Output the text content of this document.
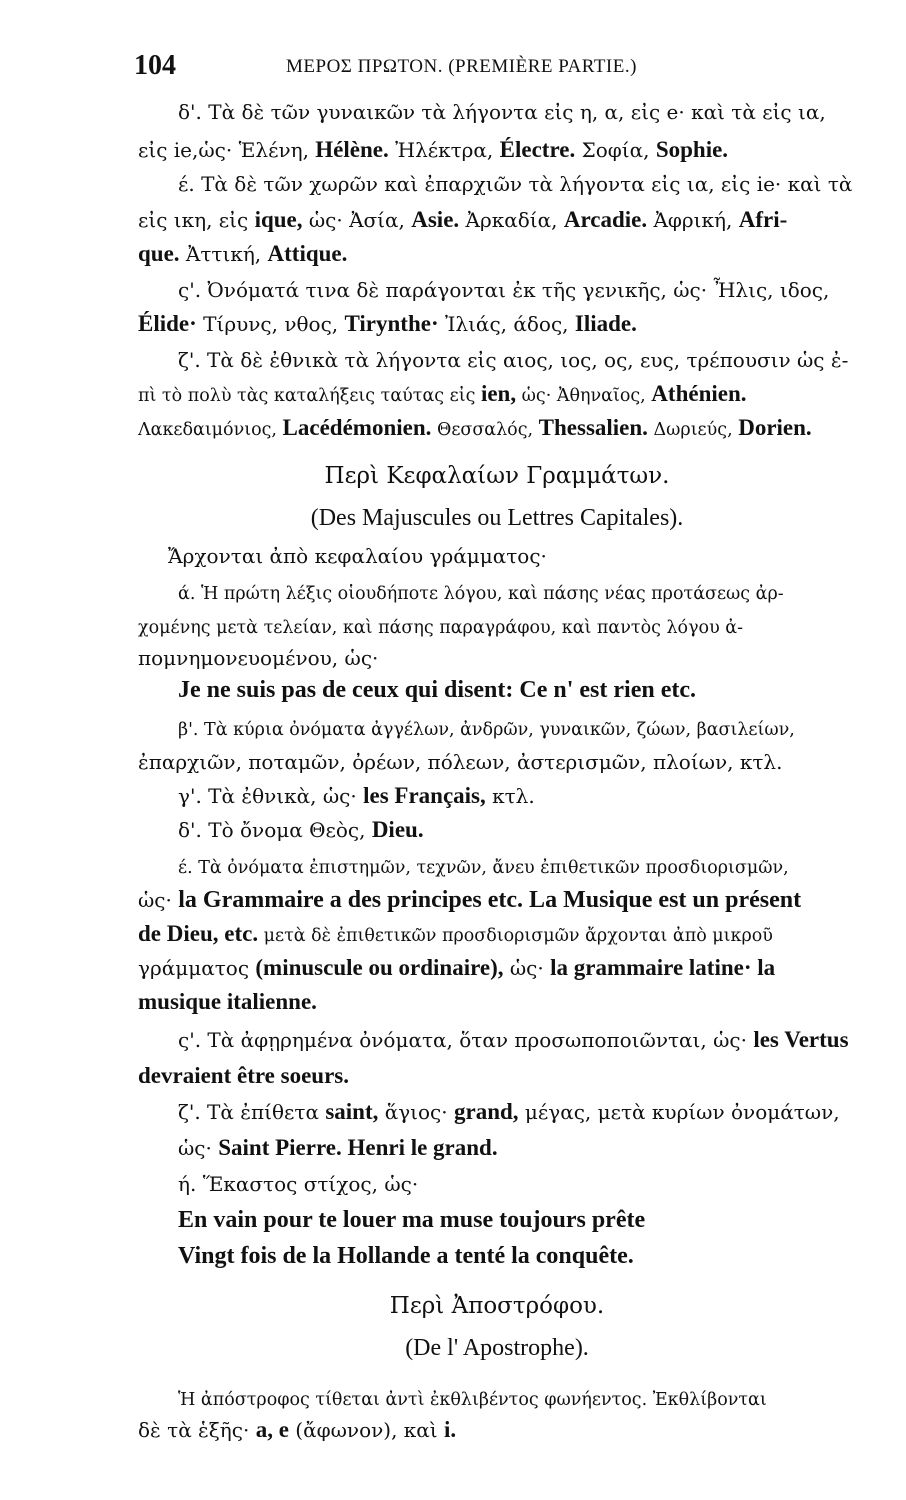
104	ΜΕΡΟΣ ΠΡΩΤΟΝ. (PREMIÈRE PARTIE.)
δ'. Τὰ δὲ τῶν γυναικῶν τὰ λήγοντα εἰς η, α, εἰς e· καὶ τὰ εἰς ια,
εἰς ie,ὡς· Ἑλένη, Hélène. Ἠλέκτρα, Électre. Σοφία, Sophie.
έ. Τὰ δὲ τῶν χωρῶν καὶ ἐπαρχιῶν τὰ λήγοντα εἰς ια, εἰς ie· καὶ τὰ
εἰς ικη, εἰς ique, ὡς· Ἀσία, Asie. Ἀρκαδία, Arcadie. Ἀφρική, Afri-
que. Ἀττική, Attique.
ς'. Ὀνόματά τινα δὲ παράγονται ἐκ τῆς γενικῆς, ὡς· Ἦλις, ιδος,
Élide· Τίρυνς, νθος, Tirynthe· Ἰλιάς, άδος, Iliade.
ζ'. Τὰ δὲ ἐθνικὰ τὰ λήγοντα εἰς αιος, ιος, ος, ευς, τρέπουσιν ὡς ἐ-
πὶ τὸ πολὺ τὰς καταλήξεις ταύτας εἰς ien, ὡς· Ἀθηναῖος, Athénien.
Λακεδαιμόνιος, Lacédémonien. Θεσσαλός, Thessalien. Δωριεύς, Dorien.
Περὶ Κεφαλαίων Γραμμάτων.
(Des Majuscules ou Lettres Capitales).
Ἄρχονται ἀπὸ κεφαλαίου γράμματος·
ά. Ἡ πρώτη λέξις οἱουδήποτε λόγου, καὶ πάσης νέας προτάσεως ἀρ-
χομένης μετὰ τελείαν, καὶ πάσης παραγράφου, καὶ παντὸς λόγου ἀ-
πομνημονευομένου, ὡς·
Je ne suis pas de ceux qui disent: Ce n' est rien etc.
β'. Τὰ κύρια ὀνόματα ἀγγέλων, ἀνδρῶν, γυναικῶν, ζώων, βασιλείων,
ἐπαρχιῶν, ποταμῶν, ὀρέων, πόλεων, ἀστερισμῶν, πλοίων, κτλ.
γ'. Τὰ ἐθνικὰ, ὡς· les Français, κτλ.
δ'. Τὸ ὄνομα Θεὸς, Dieu.
έ. Τὰ ὀνόματα ἐπιστημῶν, τεχνῶν, ἄνευ ἐπιθετικῶν προσδιορισμῶν,
ὡς· la Grammaire a des principes etc. La Musique est un présent
de Dieu, etc. μετὰ δὲ ἐπιθετικῶν προσδιορισμῶν ἄρχονται ἀπὸ μικροῦ
γράμματος (minuscule ou ordinaire), ὡς· la grammaire latine· la
musique italienne.
ς'. Τὰ ἀφῃρημένα ὀνόματα, ὅταν προσωποποιῶνται, ὡς· les Vertus
devraient être soeurs.
ζ'. Τὰ ἐπίθετα saint, ἅγιος· grand, μέγας, μετὰ κυρίων ὀνομάτων,
ὡς· Saint Pierre. Henri le grand.
ή. Ἕκαστος στίχος, ὡς·
En vain pour te louer ma muse toujours prête
Vingt fois de la Hollande a tenté la conquête.
Περὶ Ἀποστρόφου.
(De l' Apostrophe).
Ἡ ἀπόστροφος τίθεται ἀντὶ ἐκθλιβέντος φωνήεντος. Ἐκθλίβονται
δὲ τὰ ἑξῆς· a, e (ἄφωνον), καὶ i.
